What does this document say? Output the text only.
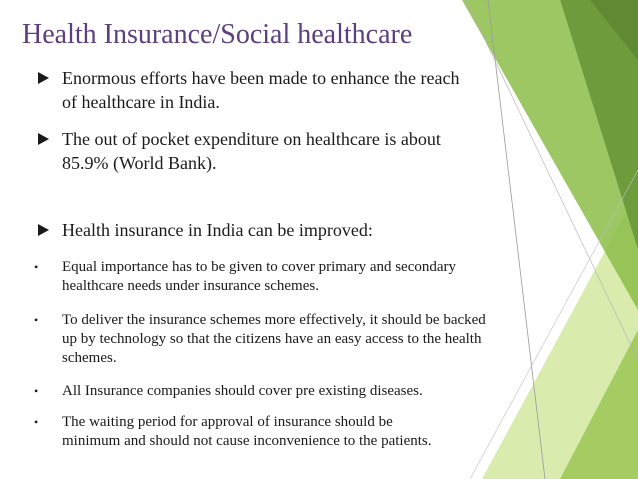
Health Insurance/Social healthcare
Enormous efforts have been made to enhance the reach of healthcare in India.
The out of pocket expenditure on healthcare is about 85.9% (World Bank).
Health insurance in India can be improved:
•	Equal importance has to be given to cover primary and secondary healthcare needs under insurance schemes.
•	To deliver the insurance schemes more effectively, it should be backed up by technology so that the citizens have an easy access to the health schemes.
•	All Insurance companies should cover pre existing diseases.
•	The waiting period for approval of insurance should be minimum and should not cause inconvenience to the patients.
